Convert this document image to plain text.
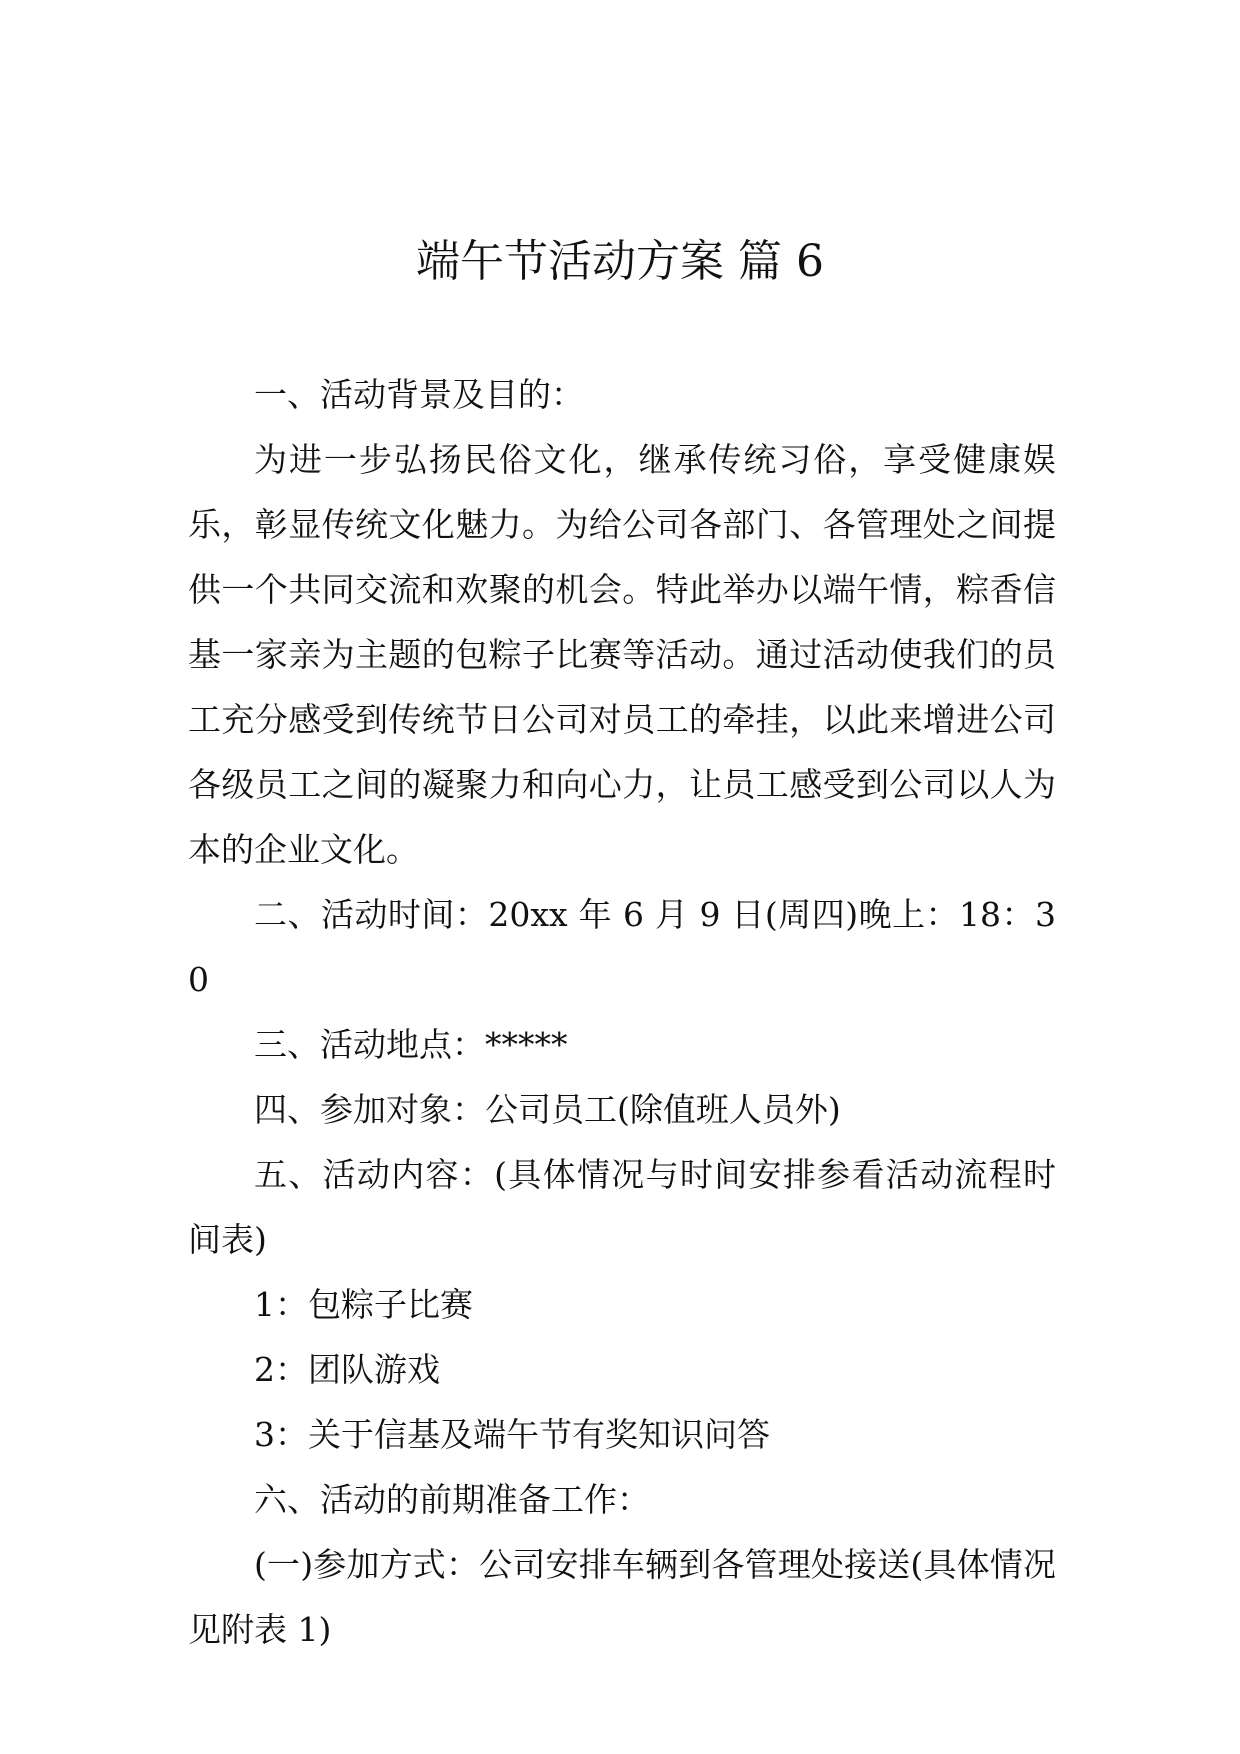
端午节活动方案 篇 6

一、活动背景及目的：

为进一步弘扬民俗文化，继承传统习俗，享受健康娱乐，彰显传统文化魅力。为给公司各部门、各管理处之间提供一个共同交流和欢聚的机会。特此举办以端午情，粽香信基一家亲为主题的包粽子比赛等活动。通过活动使我们的员工充分感受到传统节日公司对员工的牵挂，以此来增进公司各级员工之间的凝聚力和向心力，让员工感受到公司以人为本的企业文化。

二、活动时间：20xx 年 6 月 9 日(周四)晚上：18：30

三、活动地点：*****

四、参加对象：公司员工(除值班人员外)

五、活动内容：(具体情况与时间安排参看活动流程时间表)

1：包粽子比赛

2：团队游戏

3：关于信基及端午节有奖知识问答

六、活动的前期准备工作：

(一)参加方式：公司安排车辆到各管理处接送(具体情况见附表 1)
